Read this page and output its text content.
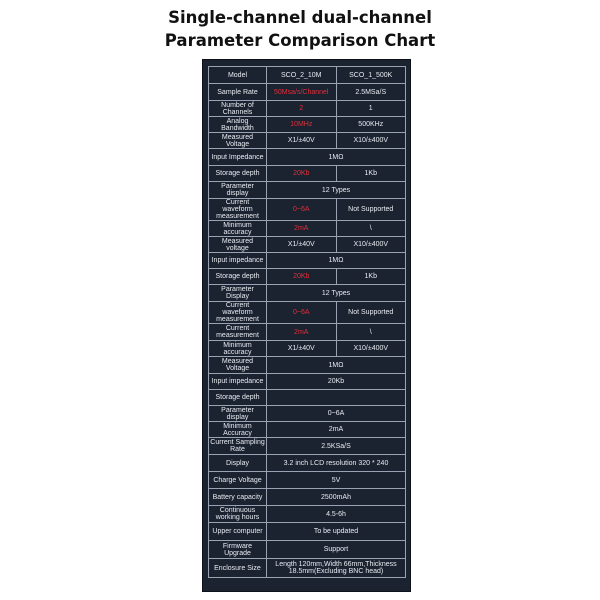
Single-channel dual-channel
Parameter Comparison Chart
Model	SCO_2_10M	SCO_1_500K
Sample Rate	50Msa/s/Channel	2.5MSa/S
Number of Channels	2	1
Analog Bandwidth	10MHz	500KHz
Measured Voltage	X1/±40V	X10/±400V
Input Impedance	1MΩ	
Storage depth	20Kb	1Kb
Parameter display	12 Types	
Current waveform measurement	0~6A	Not Supported
Minimum accuracy	2mA	\
Measured voltage	X1/±40V	X10/±400V
Input impedance	1MΩ	
Storage depth	20Kb	1Kb
Parameter Display	12 Types	
Current waveform measurement	0~6A	Not Supported
Current measurement	2mA	\
Minimum accuracy	X1/±40V	X10/±400V
Measured Voltage	1MΩ	
Input impedance	20Kb	
Storage depth		
Parameter display	0~6A	
Minimum Accuracy	2mA	
Current Sampling Rate	2.5KSa/S	
Display	3.2 inch LCD resolution 320 * 240	
Charge Voltage	5V	
Battery capacity	2500mAh	
Continuous working hours	4.5-6h	
Upper computer	To be updated	
Firmware Upgrade	Support	
Enclosure Size	Length 120mm,Width 66mm,Thickness 18.5mm(Excluding BNC head)	
